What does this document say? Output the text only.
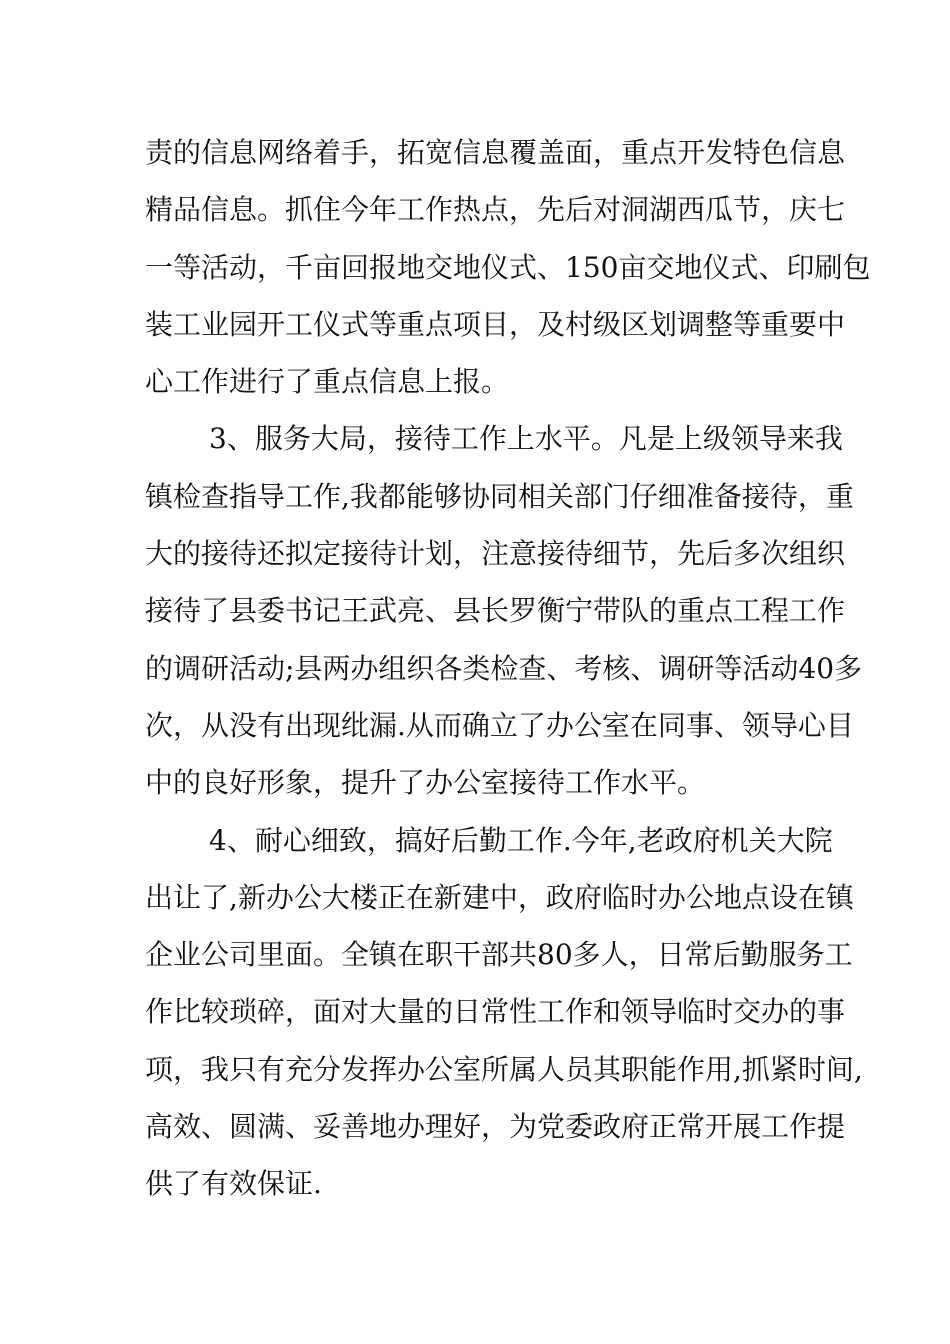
责的信息网络着手，拓宽信息覆盖面，重点开发特色信息
精品信息。抓住今年工作热点，先后对洞湖西瓜节，庆七
一等活动，千亩回报地交地仪式、150亩交地仪式、印刷包
装工业园开工仪式等重点项目，及村级区划调整等重要中
心工作进行了重点信息上报。
3、服务大局，接待工作上水平。凡是上级领导来我
镇检查指导工作,我都能够协同相关部门仔细准备接待，重
大的接待还拟定接待计划，注意接待细节，先后多次组织
接待了县委书记王武亮、县长罗衡宁带队的重点工程工作
的调研活动;县两办组织各类检查、考核、调研等活动40多
次，从没有出现纰漏.从而确立了办公室在同事、领导心目
中的良好形象，提升了办公室接待工作水平。
4、耐心细致，搞好后勤工作.今年,老政府机关大院
出让了,新办公大楼正在新建中，政府临时办公地点设在镇
企业公司里面。全镇在职干部共80多人，日常后勤服务工
作比较琐碎，面对大量的日常性工作和领导临时交办的事
项，我只有充分发挥办公室所属人员其职能作用,抓紧时间,
高效、圆满、妥善地办理好，为党委政府正常开展工作提
供了有效保证.
